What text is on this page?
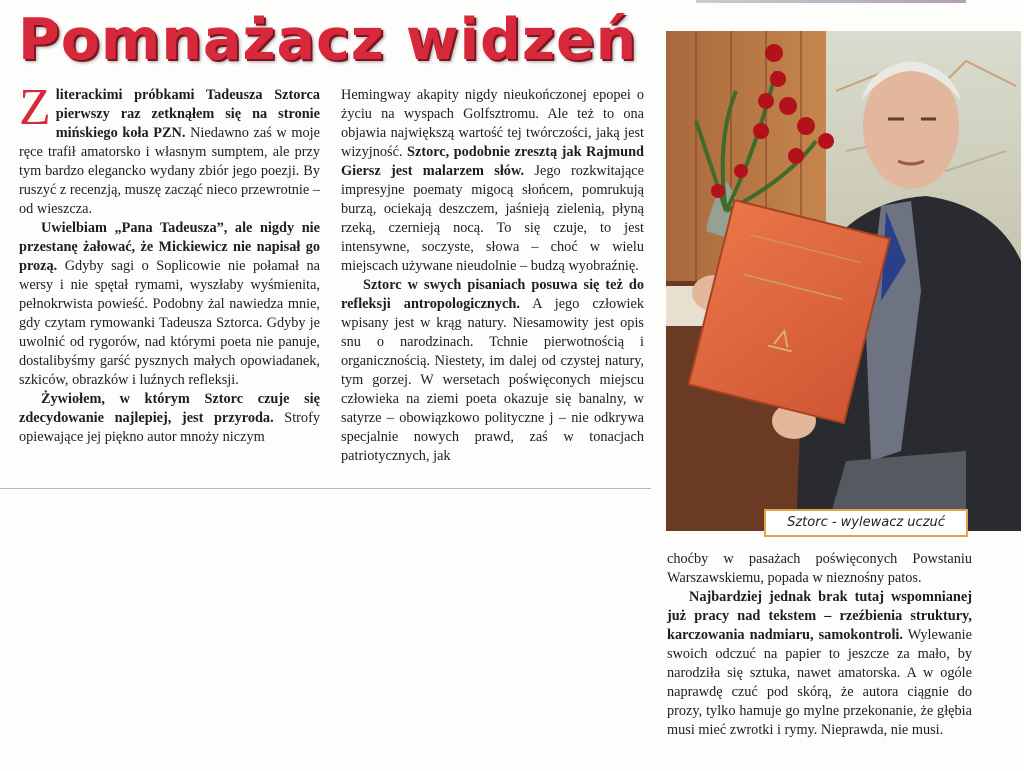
Pomnażacz widzeń

Zliterackimi próbkami Tadeusza Sztorca pierwszy raz zetknąłem się na stronie mińskiego koła PZN. Niedawno zaś w moje ręce trafił amatorsko i własnym sumptem, ale przy tym bardzo elegancko wydany zbiór jego poezji. By ruszyć z recenzją, muszę zacząć nieco przewrotnie – od wieszcza.

Uwielbiam „Pana Tadeusza”, ale nigdy nie przestanę żałować, że Mickiewicz nie napisał go prozą. Gdyby sagi o Soplicowie nie połamał na wersy i nie spętał rymami, wyszłaby wyśmienita, pełnokrwista powieść. Podobny żal nawiedza mnie, gdy czytam rymowanki Tadeusza Sztorca. Gdyby je uwolnić od rygorów, nad którymi poeta nie panuje, dostalibyśmy garść pysznych małych opowiadanek, szkiców, obrazków i luźnych refleksji.

Żywiołem, w którym Sztorc czuje się zdecydowanie najlepiej, jest przyroda. Strofy opiewające jej piękno autor mnoży niczym

Hemingway akapity nigdy nieukończonej epopei o życiu na wyspach Golfsztromu. Ale też to ona objawia największą wartość tej twórczości, jaką jest wizyjność. Sztorc, podobnie zresztą jak Rajmund Giersz jest malarzem słów. Jego rozkwitające impresyjne poematy migocą słońcem, pomrukują burzą, ociekają deszczem, jaśnieją zielenią, płyną rzeką, czernieją nocą. To się czuje, to jest intensywne, soczyste, słowa – choć w wielu miejscach używane nieudolnie – budzą wyobraźnię.

Sztorc w swych pisaniach posuwa się też do refleksji antropologicznych. A jego człowiek wpisany jest w krąg natury. Niesamowity jest opis snu o narodzinach. Tchnie pierwotnością i organicznością. Niestety, im dalej od czystej natury, tym gorzej. W wersetach poświęconych miejscu człowieka na ziemi poeta okazuje się banalny, w satyrze – obowiązkowo polityczne j – nie odkrywa specjalnie nowych prawd, zaś w tonacjach patriotycznych, jak

Sztorc - wylewacz uczuć

choćby w pasażach poświęconych Powstaniu Warszawskiemu, popada w nieznośny patos.

Najbardziej jednak brak tutaj wspomnianej już pracy nad tekstem – rzeźbienia struktury, karczowania nadmiaru, samokontroli. Wylewanie swoich odczuć na papier to jeszcze za mało, by narodziła się sztuka, nawet amatorska. A w ogóle naprawdę czuć pod skórą, że autora ciągnie do prozy, tylko hamuje go mylne przekonanie, że głębia musi mieć zwrotki i rymy. Nieprawda, nie musi.
